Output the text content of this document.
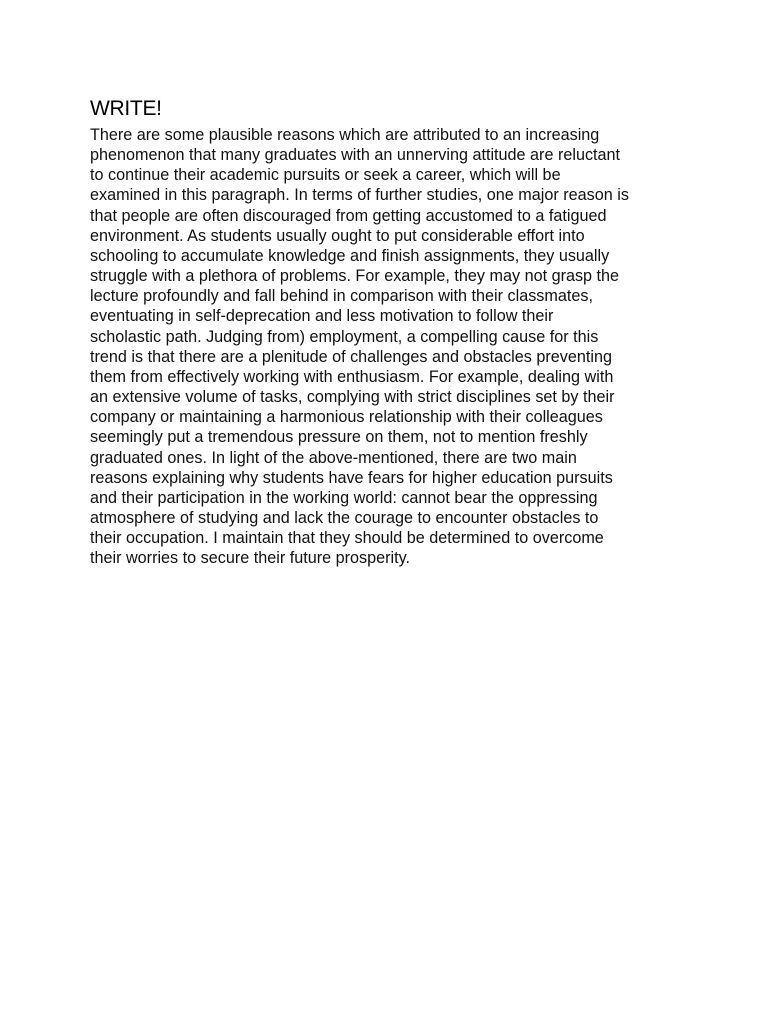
WRITE!

There are some plausible reasons which are attributed to an increasing
phenomenon that many graduates with an unnerving attitude are reluctant
to continue their academic pursuits or seek a career, which will be
examined in this paragraph. In terms of further studies, one major reason is
that people are often discouraged from getting accustomed to a fatigued
environment. As students usually ought to put considerable effort into
schooling to accumulate knowledge and finish assignments, they usually
struggle with a plethora of problems. For example, they may not grasp the
lecture profoundly and fall behind in comparison with their classmates,
eventuating in self-deprecation and less motivation to follow their
scholastic path. Judging from) employment, a compelling cause for this
trend is that there are a plenitude of challenges and obstacles preventing
them from effectively working with enthusiasm. For example, dealing with
an extensive volume of tasks, complying with strict disciplines set by their
company or maintaining a harmonious relationship with their colleagues
seemingly put a tremendous pressure on them, not to mention freshly
graduated ones. In light of the above-mentioned, there are two main
reasons explaining why students have fears for higher education pursuits
and their participation in the working world: cannot bear the oppressing
atmosphere of studying and lack the courage to encounter obstacles to
their occupation. I maintain that they should be determined to overcome
their worries to secure their future prosperity.
